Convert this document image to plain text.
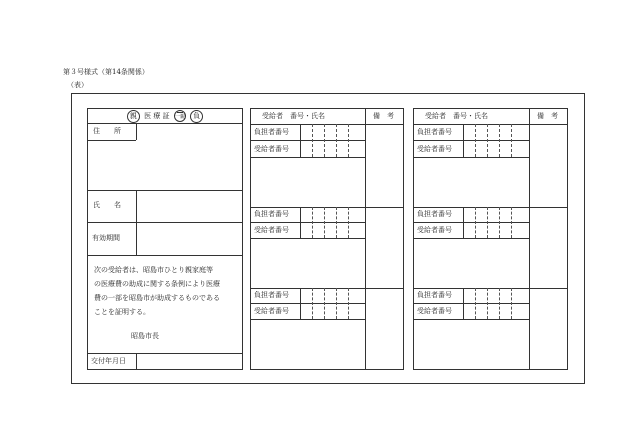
第３号様式（第14条関係）
（表）
親 医 療 証 一親 負
住　　所
氏　　名
有効期間
次の受給者は、昭島市ひとり親家庭等
の医療費の助成に関する条例により医療
費の一部を昭島市が助成するものである
ことを証明する。
昭島市長
交付年月日
受給者　番号・氏名	備　考
負担者番号
受給者番号
負担者番号
受給者番号
負担者番号
受給者番号
受給者　番号・氏名	備　考
負担者番号
受給者番号
負担者番号
受給者番号
負担者番号
受給者番号
次
